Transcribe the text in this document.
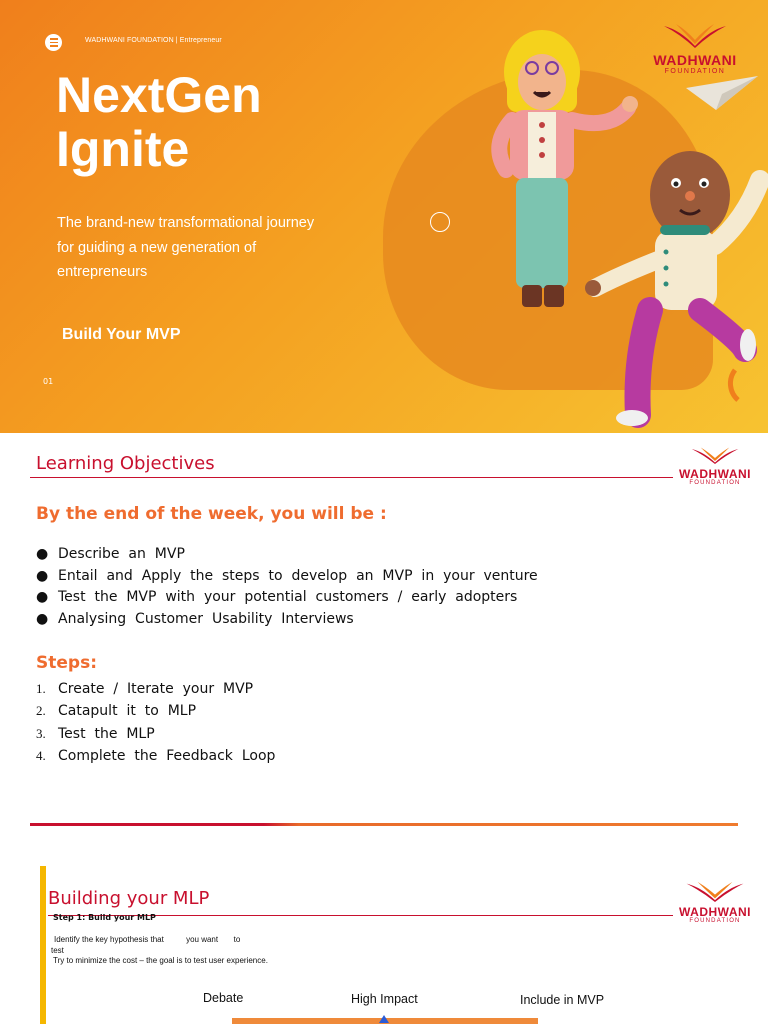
WADHWANI FOUNDATION | Entrepreneur
NextGen
Ignite
The brand-new transformational journey for guiding a new generation of entrepreneurs
Build Your MVP
01
WADHWANI
FOUNDATION
Learning Objectives	WADHWANI
FOUNDATION
By the end of the week, you will be :
● Describe  an  MVP
● Entail  and  Apply  the  steps  to  develop  an  MVP  in  your  venture
● Test  the  MVP  with  your  potential  customers  /  early  adopters
● Analysing  Customer  Usability  Interviews
Steps:
1. Create  /  Iterate  your  MVP
2. Catapult  it  to  MLP
3. Test  the  MLP
4. Complete  the  Feedback  Loop
Building your MLP
WADHWANI
FOUNDATION
Step 1: Build your MLP
Identify the key hypothesis that          you want       to
test
Try to minimize the cost – the goal is to test user experience.
Debate	High Impact	Include in MVP
